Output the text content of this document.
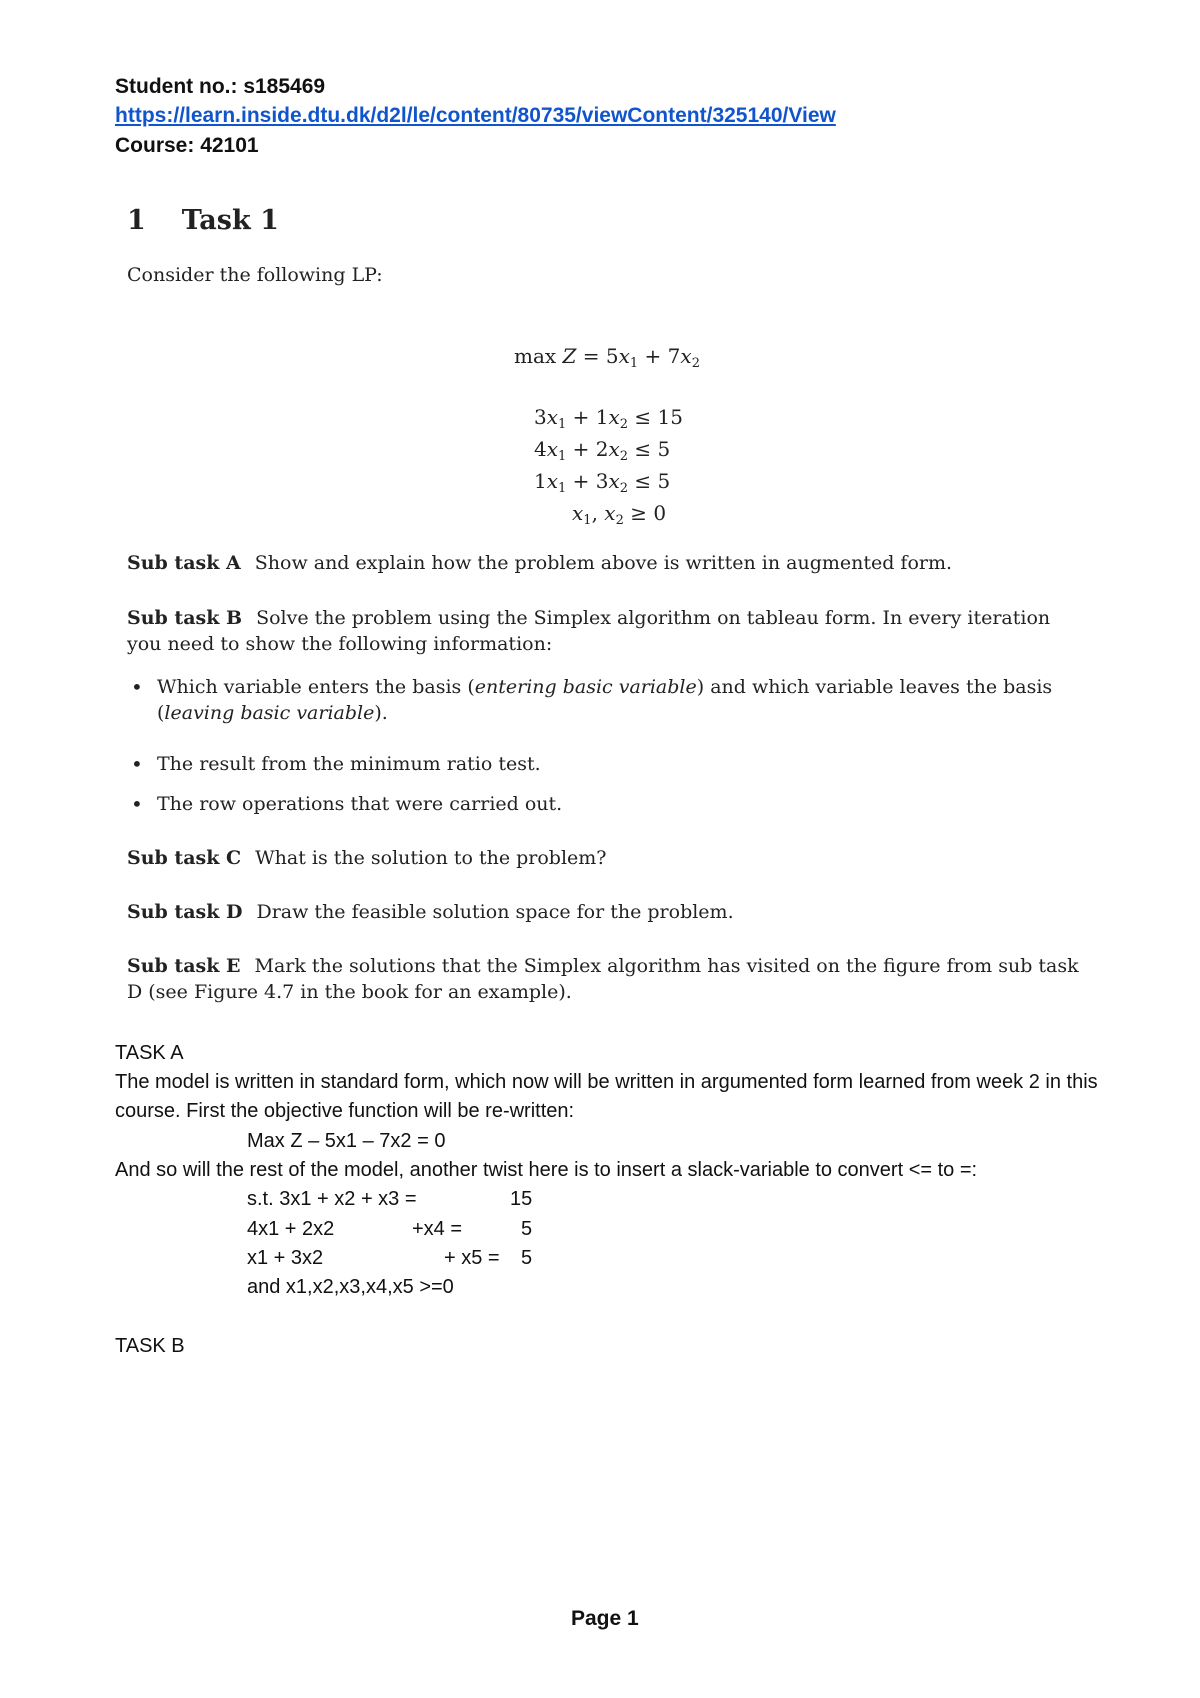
Student no.: s185469
https://learn.inside.dtu.dk/d2l/le/content/80735/viewContent/325140/View
Course: 42101
1 Task 1
Consider the following LP:
$\max Z = 5x_1 + 7x_2$
$3x_1 + 1x_2 \le 15$
$4x_1 + 2x_2 \le 5$
$1x_1 + 3x_2 \le 5$
$x_1$, $x_2 \ge 0$
Sub task A Show and explain how the problem above is written in augmented form.
Sub task B Solve the problem using the Simplex algorithm on tableau form. In every iteration you need to show the following information:
• Which variable enters the basis (entering basic variable) and which variable leaves the basis (leaving basic variable).
• The result from the minimum ratio test.
• The row operations that were carried out.
Sub task C What is the solution to the problem?
Sub task D Draw the feasible solution space for the problem.
Sub task E Mark the solutions that the Simplex algorithm has visited on the figure from sub task D (see Figure 4.7 in the book for an example).
TASK A
The model is written in standard form, which now will be written in argumented form learned from week 2 in this course. First the objective function will be re-written:
Max Z – 5x1 – 7x2 = 0
And so will the rest of the model, another twist here is to insert a slack-variable to convert <= to =:
s.t. 3x1 + x2 + x3 =	15
4x1 + 2x2	+x4 =	5
x1 + 3x2	+ x5 = 5
and x1,x2,x3,x4,x5 >=0
TASK B
Page 1
